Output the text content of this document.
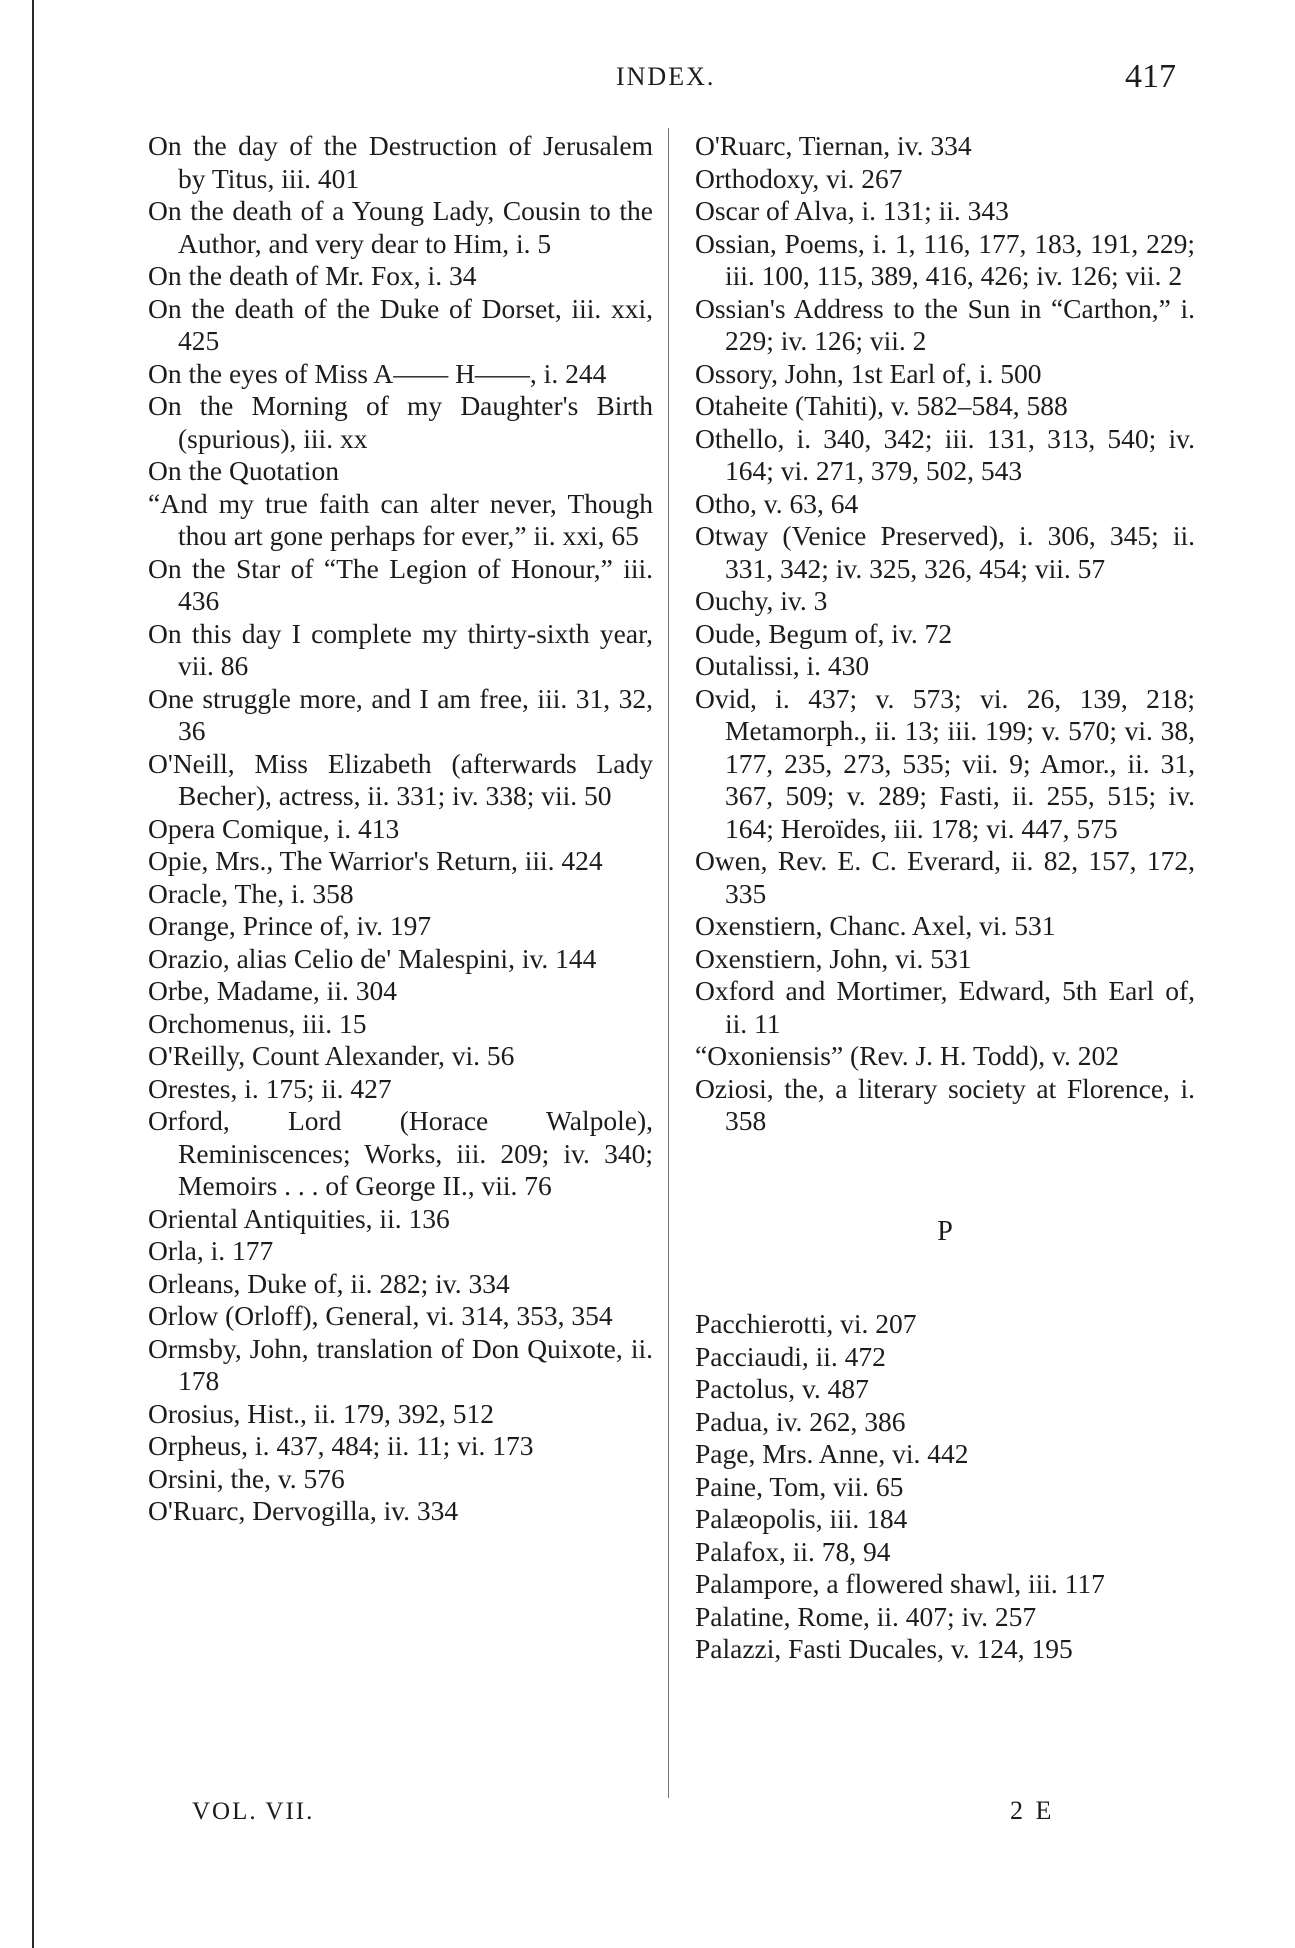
INDEX.	417

On the day of the Destruction of Jerusalem by Titus, iii. 401

On the death of a Young Lady, Cousin to the Author, and very dear to Him, i. 5

On the death of Mr. Fox, i. 34

On the death of the Duke of Dorset, iii. xxi, 425

On the eyes of Miss A—— H——, i. 244

On the Morning of my Daughter's Birth (spurious), iii. xx

On the Quotation

“And my true faith can alter never, Though thou art gone perhaps for ever,” ii. xxi, 65

On the Star of “The Legion of Honour,” iii. 436

On this day I complete my thirty-sixth year, vii. 86

One struggle more, and I am free, iii. 31, 32, 36

O'Neill, Miss Elizabeth (afterwards Lady Becher), actress, ii. 331; iv. 338; vii. 50

Opera Comique, i. 413

Opie, Mrs., The Warrior's Return, iii. 424

Oracle, The, i. 358

Orange, Prince of, iv. 197

Orazio, alias Celio de' Malespini, iv. 144

Orbe, Madame, ii. 304

Orchomenus, iii. 15

O'Reilly, Count Alexander, vi. 56

Orestes, i. 175; ii. 427

Orford, Lord (Horace Walpole), Reminiscences; Works, iii. 209; iv. 340; Memoirs . . . of George II., vii. 76

Oriental Antiquities, ii. 136

Orla, i. 177

Orleans, Duke of, ii. 282; iv. 334

Orlow (Orloff), General, vi. 314, 353, 354

Ormsby, John, translation of Don Quixote, ii. 178

Orosius, Hist., ii. 179, 392, 512

Orpheus, i. 437, 484; ii. 11; vi. 173

Orsini, the, v. 576

O'Ruarc, Dervogilla, iv. 334

O'Ruarc, Tiernan, iv. 334

Orthodoxy, vi. 267

Oscar of Alva, i. 131; ii. 343

Ossian, Poems, i. 1, 116, 177, 183, 191, 229; iii. 100, 115, 389, 416, 426; iv. 126; vii. 2

Ossian's Address to the Sun in “Carthon,” i. 229; iv. 126; vii. 2

Ossory, John, 1st Earl of, i. 500

Otaheite (Tahiti), v. 582–584, 588

Othello, i. 340, 342; iii. 131, 313, 540; iv. 164; vi. 271, 379, 502, 543

Otho, v. 63, 64

Otway (Venice Preserved), i. 306, 345; ii. 331, 342; iv. 325, 326, 454; vii. 57

Ouchy, iv. 3

Oude, Begum of, iv. 72

Outalissi, i. 430

Ovid, i. 437; v. 573; vi. 26, 139, 218; Metamorph., ii. 13; iii. 199; v. 570; vi. 38, 177, 235, 273, 535; vii. 9; Amor., ii. 31, 367, 509; v. 289; Fasti, ii. 255, 515; iv. 164; Heroïdes, iii. 178; vi. 447, 575

Owen, Rev. E. C. Everard, ii. 82, 157, 172, 335

Oxenstiern, Chanc. Axel, vi. 531

Oxenstiern, John, vi. 531

Oxford and Mortimer, Edward, 5th Earl of, ii. 11

“Oxoniensis” (Rev. J. H. Todd), v. 202

Oziosi, the, a literary society at Florence, i. 358

P

Pacchierotti, vi. 207

Pacciaudi, ii. 472

Pactolus, v. 487

Padua, iv. 262, 386

Page, Mrs. Anne, vi. 442

Paine, Tom, vii. 65

Palæopolis, iii. 184

Palafox, ii. 78, 94

Palampore, a flowered shawl, iii. 117

Palatine, Rome, ii. 407; iv. 257

Palazzi, Fasti Ducales, v. 124, 195

VOL. VII.	2 E
